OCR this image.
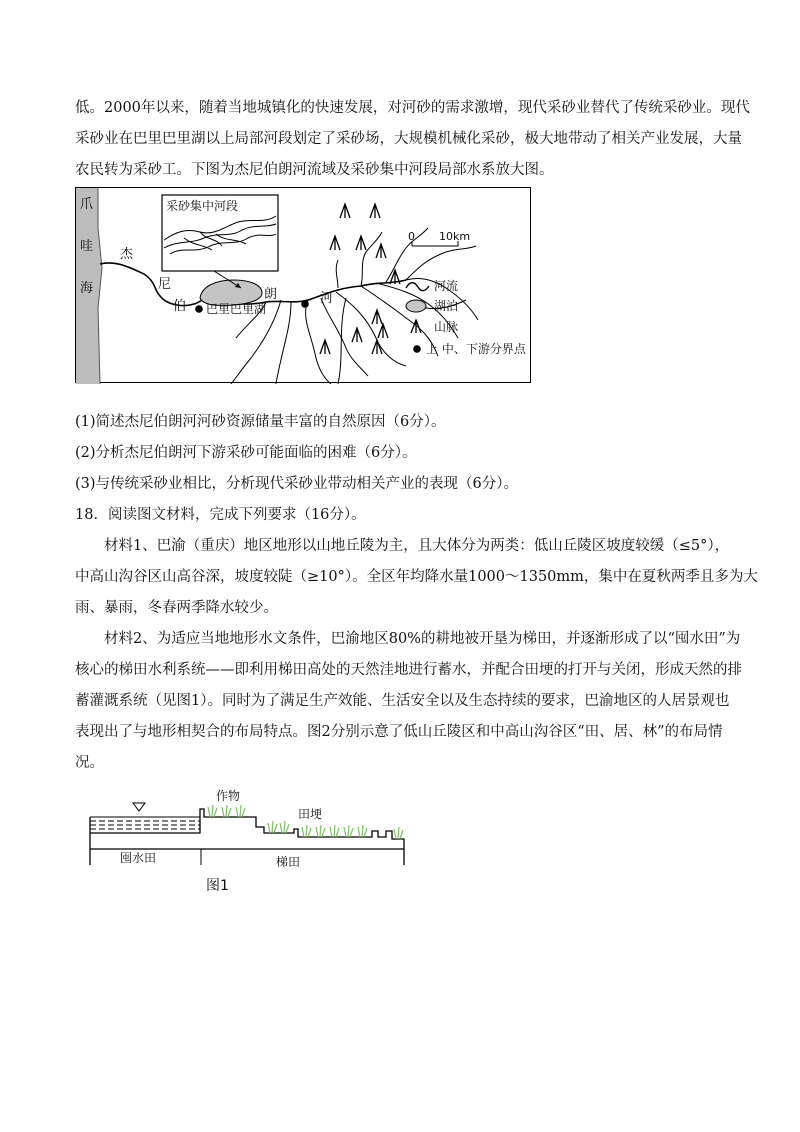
低。2000年以来，随着当地城镇化的快速发展，对河砂的需求激增，现代采砂业替代了传统采砂业。现代

采砂业在巴里巴里湖以上局部河段划定了采砂场，大规模机械化采砂，极大地带动了相关产业发展，大量

农民转为采砂工。下图为杰尼伯朗河流域及采砂集中河段局部水系放大图。

爪
哇
海
杰
尼
伯
朗	河
采砂集中河段
巴里巴里湖
0 10km
河流
湖泊
山脉
上 中、下游分界点

(1)简述杰尼伯朗河河砂资源储量丰富的自然原因（6分）。

(2)分析杰尼伯朗河下游采砂可能面临的困难（6分）。

(3)与传统采砂业相比，分析现代采砂业带动相关产业的表现（6分）。

18．阅读图文材料，完成下列要求（16分）。

　　材料1、巴渝（重庆）地区地形以山地丘陵为主，且大体分为两类：低山丘陵区坡度较缓（≤5°），

中高山沟谷区山高谷深，坡度较陡（≥10°）。全区年均降水量1000～1350mm，集中在夏秋两季且多为大

雨、暴雨，冬春两季降水较少。

　　材料2、为适应当地地形水文条件，巴渝地区80%的耕地被开垦为梯田，并逐渐形成了以“囤水田”为

核心的梯田水利系统——即利用梯田高处的天然洼地进行蓄水，并配合田埂的打开与关闭，形成天然的排

蓄灌溉系统（见图1）。同时为了满足生产效能、生活安全以及生态持续的要求，巴渝地区的人居景观也

表现出了与地形相契合的布局特点。图2分别示意了低山丘陵区和中高山沟谷区“田、居、林”的布局情

况。

作物
田埂
囤水田	梯田
图1
